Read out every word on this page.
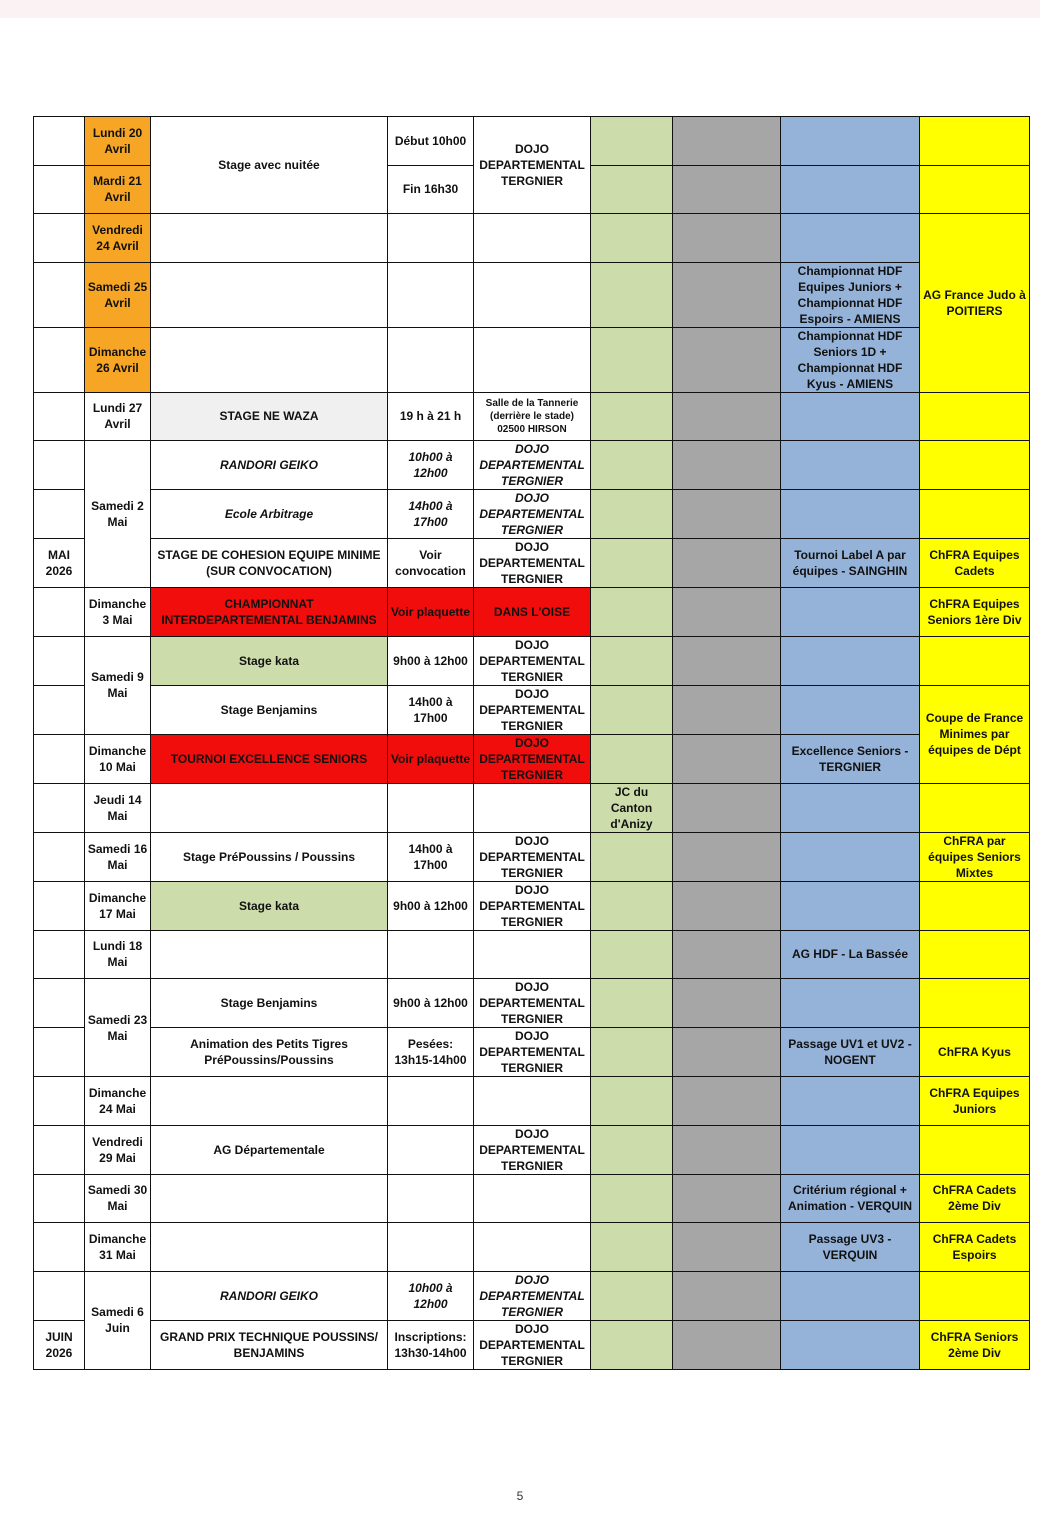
	Lundi 20 Avril	Stage avec nuitée	Début 10h00	DOJO DEPARTEMENTAL TERGNIER				
	Mardi 21 Avril		Fin 16h30					
	Vendredi 24 Avril							AG France Judo à POITIERS
	Samedi 25 Avril						Championnat HDF Equipes Juniors + Championnat HDF Espoirs - AMIENS	
	Dimanche 26 Avril						Championnat HDF Seniors 1D + Championnat HDF Kyus - AMIENS	
	Lundi 27 Avril	STAGE NE WAZA	19 h à 21 h	Salle de la Tannerie (derrière le stade) 02500 HIRSON				
	Samedi 2 Mai	RANDORI GEIKO	10h00 à 12h00	DOJO DEPARTEMENTAL TERGNIER				
		Ecole Arbitrage	14h00 à 17h00	DOJO DEPARTEMENTAL TERGNIER				
MAI 2026		STAGE DE COHESION EQUIPE MINIME (SUR CONVOCATION)	Voir convocation	DOJO DEPARTEMENTAL TERGNIER			Tournoi Label A par équipes - SAINGHIN	ChFRA Equipes Cadets
	Dimanche 3 Mai	CHAMPIONNAT INTERDEPARTEMENTAL BENJAMINS	Voir plaquette	DANS L'OISE				ChFRA Equipes Seniors 1ère Div
	Samedi 9 Mai	Stage kata	9h00 à 12h00	DOJO DEPARTEMENTAL TERGNIER				
		Stage Benjamins	14h00 à 17h00	DOJO DEPARTEMENTAL TERGNIER				Coupe de France Minimes par équipes de Dépt
	Dimanche 10 Mai	TOURNOI EXCELLENCE SENIORS	Voir plaquette	DOJO DEPARTEMENTAL TERGNIER			Excellence Seniors - TERGNIER	
	Jeudi 14 Mai				JC du Canton d'Anizy			
	Samedi 16 Mai	Stage PréPoussins / Poussins	14h00 à 17h00	DOJO DEPARTEMENTAL TERGNIER				ChFRA par équipes Seniors Mixtes
	Dimanche 17 Mai	Stage kata	9h00 à 12h00	DOJO DEPARTEMENTAL TERGNIER				
	Lundi 18 Mai						AG HDF - La Bassée	
	Samedi 23 Mai	Stage Benjamins	9h00 à 12h00	DOJO DEPARTEMENTAL TERGNIER				
		Animation des Petits Tigres PréPoussins/Poussins	Pesées: 13h15-14h00	DOJO DEPARTEMENTAL TERGNIER			Passage UV1 et UV2 - NOGENT	ChFRA Kyus
	Dimanche 24 Mai							ChFRA Equipes Juniors
	Vendredi 29 Mai	AG Départementale		DOJO DEPARTEMENTAL TERGNIER				
	Samedi 30 Mai						Critérium régional + Animation - VERQUIN	ChFRA Cadets 2ème Div
	Dimanche 31 Mai						Passage UV3 - VERQUIN	ChFRA Cadets Espoirs
	Samedi 6 Juin	RANDORI GEIKO	10h00 à 12h00	DOJO DEPARTEMENTAL TERGNIER				
JUIN 2026		GRAND PRIX TECHNIQUE POUSSINS/ BENJAMINS	Inscriptions: 13h30-14h00	DOJO DEPARTEMENTAL TERGNIER				ChFRA Seniors 2ème Div
5
